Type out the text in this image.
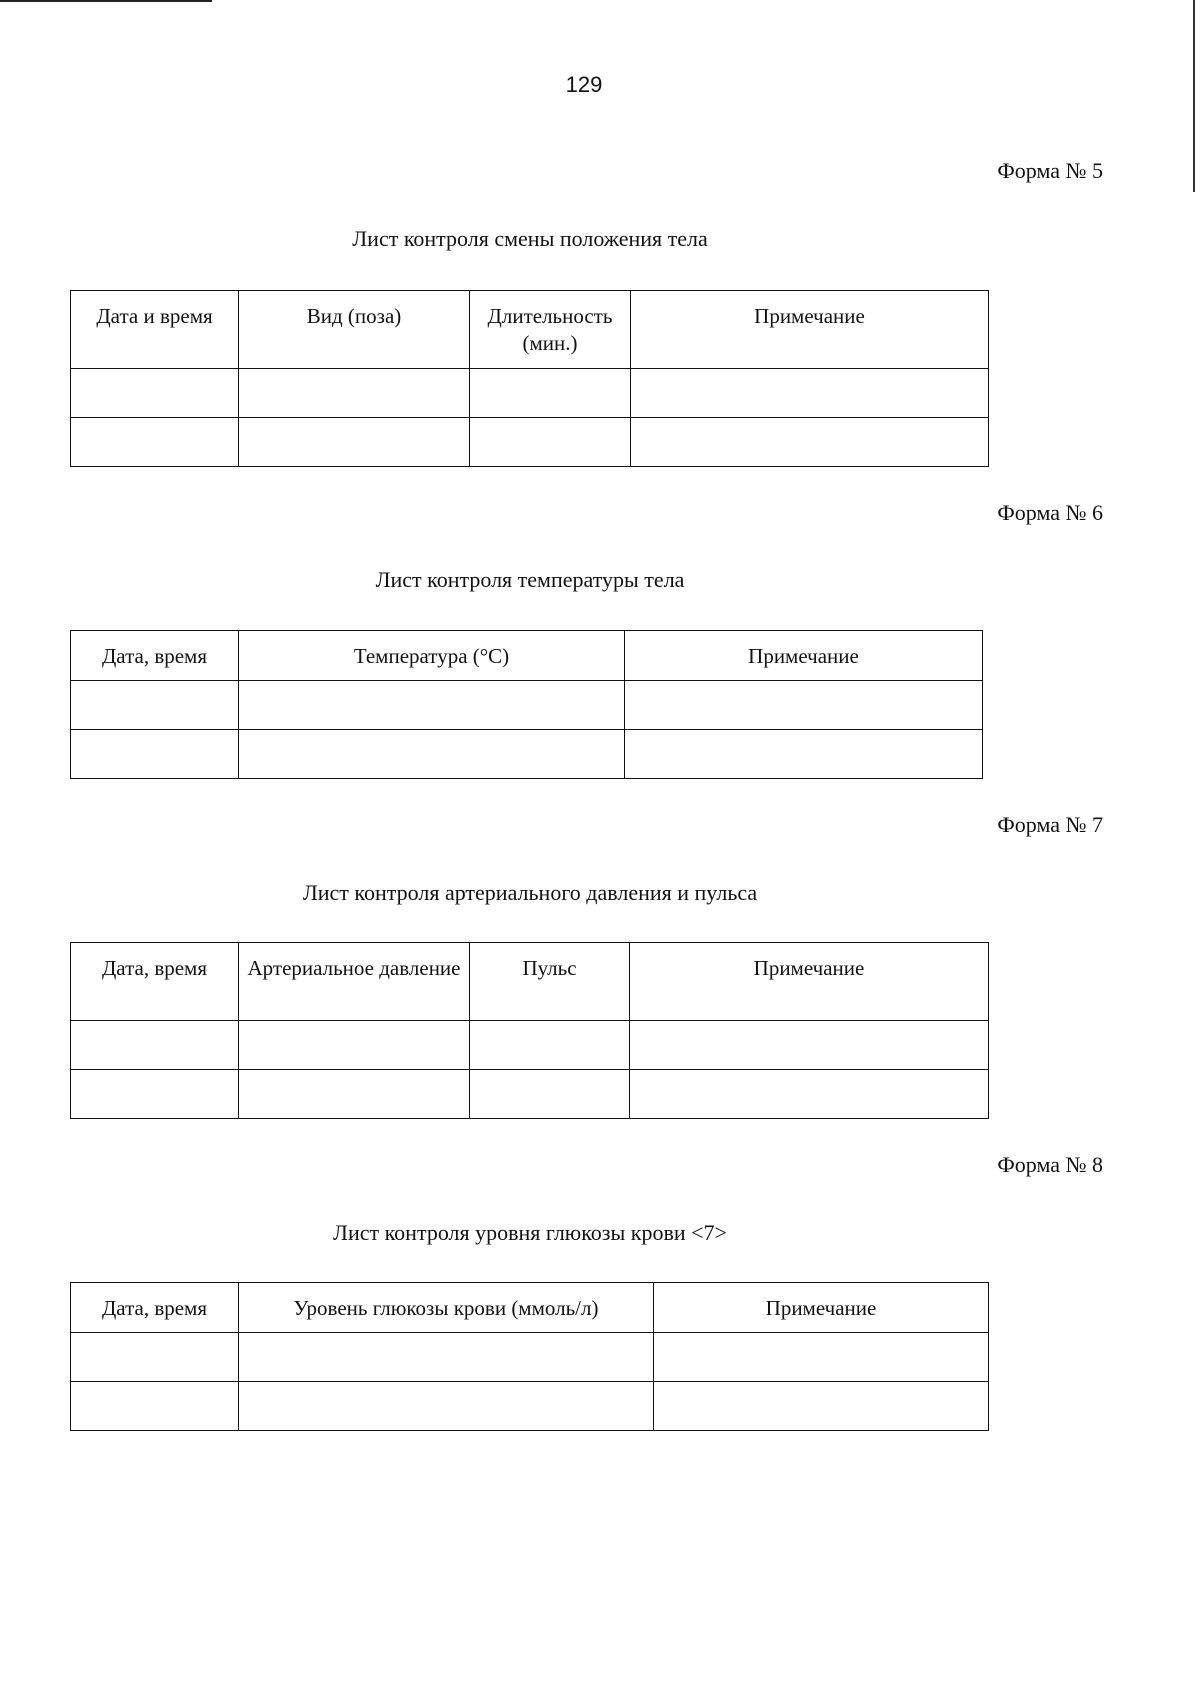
129
Форма № 5
Лист контроля смены положения тела
Дата и время	Вид (поза)	Длительность (мин.)	Примечание

Форма № 6
Лист контроля температуры тела
Дата, время	Температура (°C)	Примечание

Форма № 7
Лист контроля артериального давления и пульса
Дата, время	Артериальное давление	Пульс	Примечание

Форма № 8
Лист контроля уровня глюкозы крови <7>
Дата, время	Уровень глюкозы крови (ммоль/л)	Примечание
